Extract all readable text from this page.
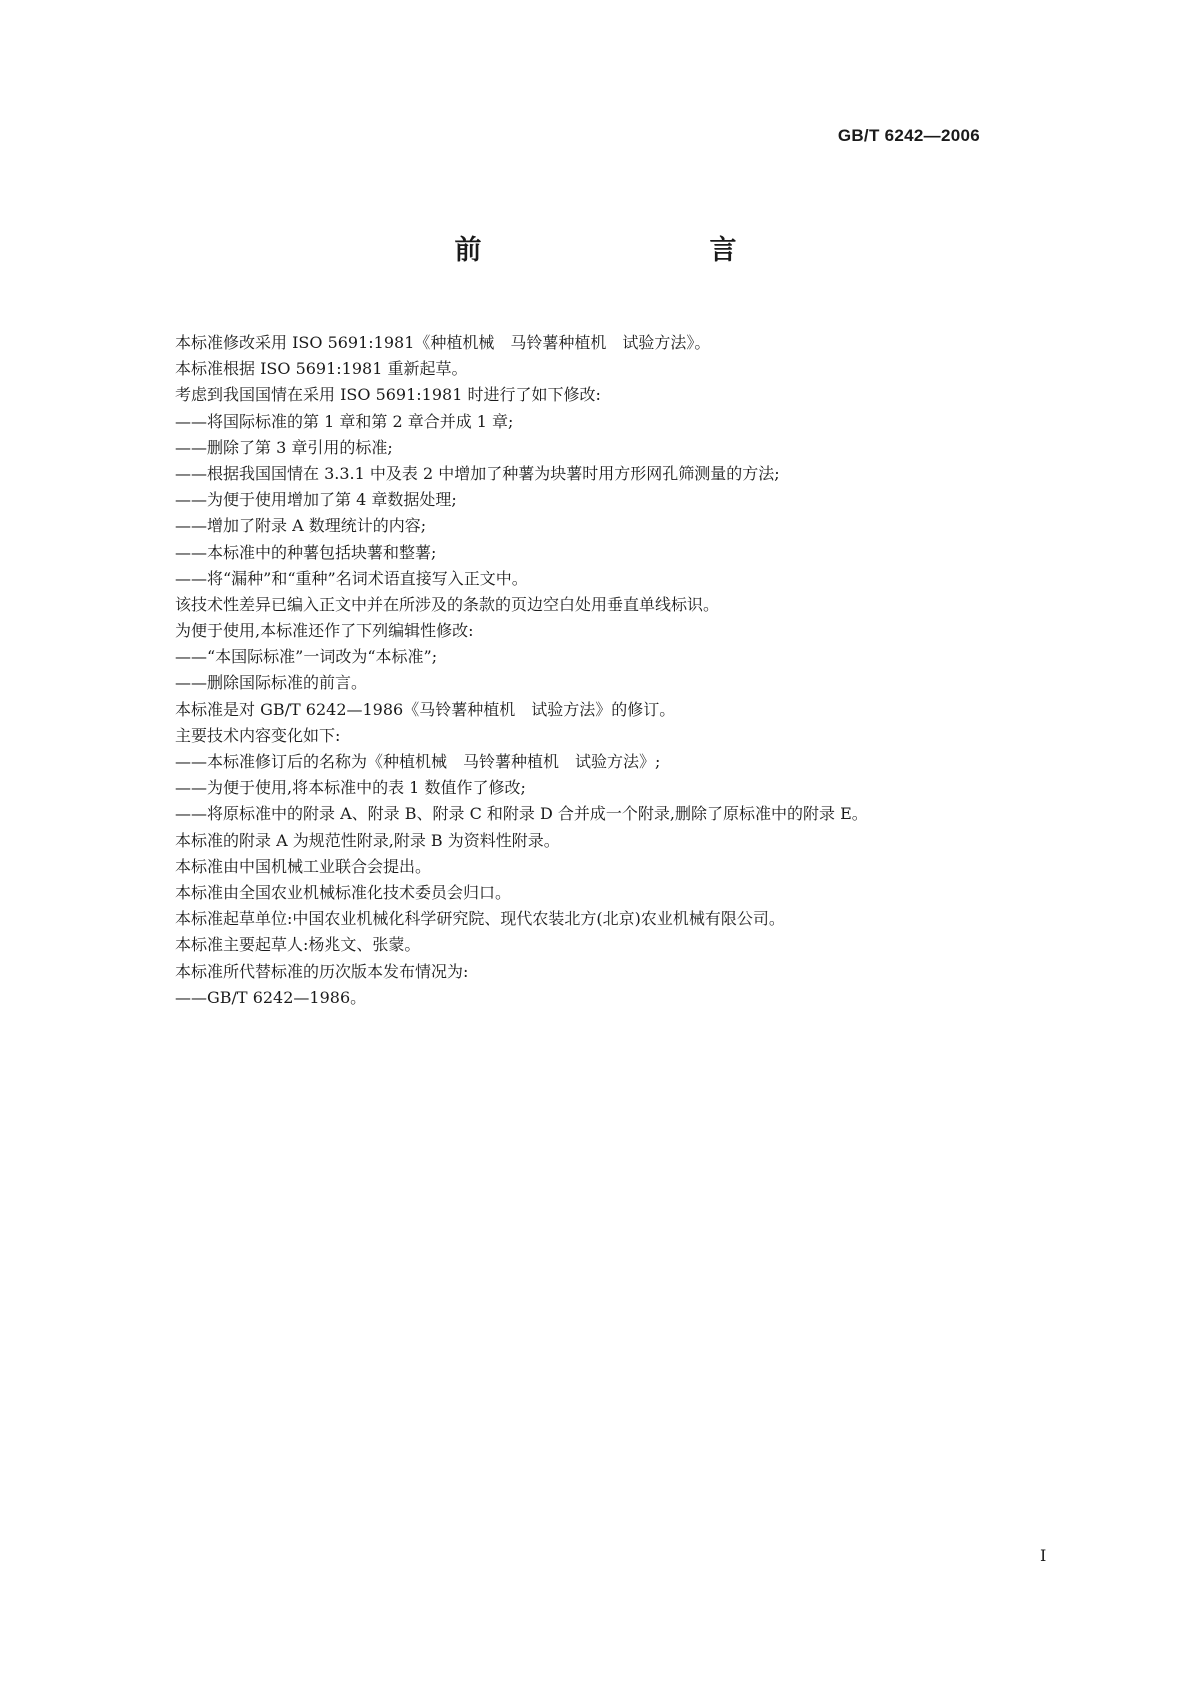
GB/T 6242—2006
前　　言
本标准修改采用 ISO 5691:1981《种植机械　马铃薯种植机　试验方法》。
本标准根据 ISO 5691:1981 重新起草。
考虑到我国国情在采用 ISO 5691:1981 时进行了如下修改:
——将国际标准的第 1 章和第 2 章合并成 1 章;
——删除了第 3 章引用的标准;
——根据我国国情在 3.3.1 中及表 2 中增加了种薯为块薯时用方形网孔筛测量的方法;
——为便于使用增加了第 4 章数据处理;
——增加了附录 A 数理统计的内容;
——本标准中的种薯包括块薯和整薯;
——将“漏种”和“重种”名词术语直接写入正文中。
该技术性差异已编入正文中并在所涉及的条款的页边空白处用垂直单线标识。
为便于使用,本标准还作了下列编辑性修改:
——“本国际标准”一词改为“本标准”;
——删除国际标准的前言。
本标准是对 GB/T 6242—1986《马铃薯种植机　试验方法》的修订。
主要技术内容变化如下:
——本标准修订后的名称为《种植机械　马铃薯种植机　试验方法》;
——为便于使用,将本标准中的表 1 数值作了修改;
——将原标准中的附录 A、附录 B、附录 C 和附录 D 合并成一个附录,删除了原标准中的附录 E。
本标准的附录 A 为规范性附录,附录 B 为资料性附录。
本标准由中国机械工业联合会提出。
本标准由全国农业机械标准化技术委员会归口。
本标准起草单位:中国农业机械化科学研究院、现代农装北方(北京)农业机械有限公司。
本标准主要起草人:杨兆文、张蒙。
本标准所代替标准的历次版本发布情况为:
——GB/T 6242—1986。
I
